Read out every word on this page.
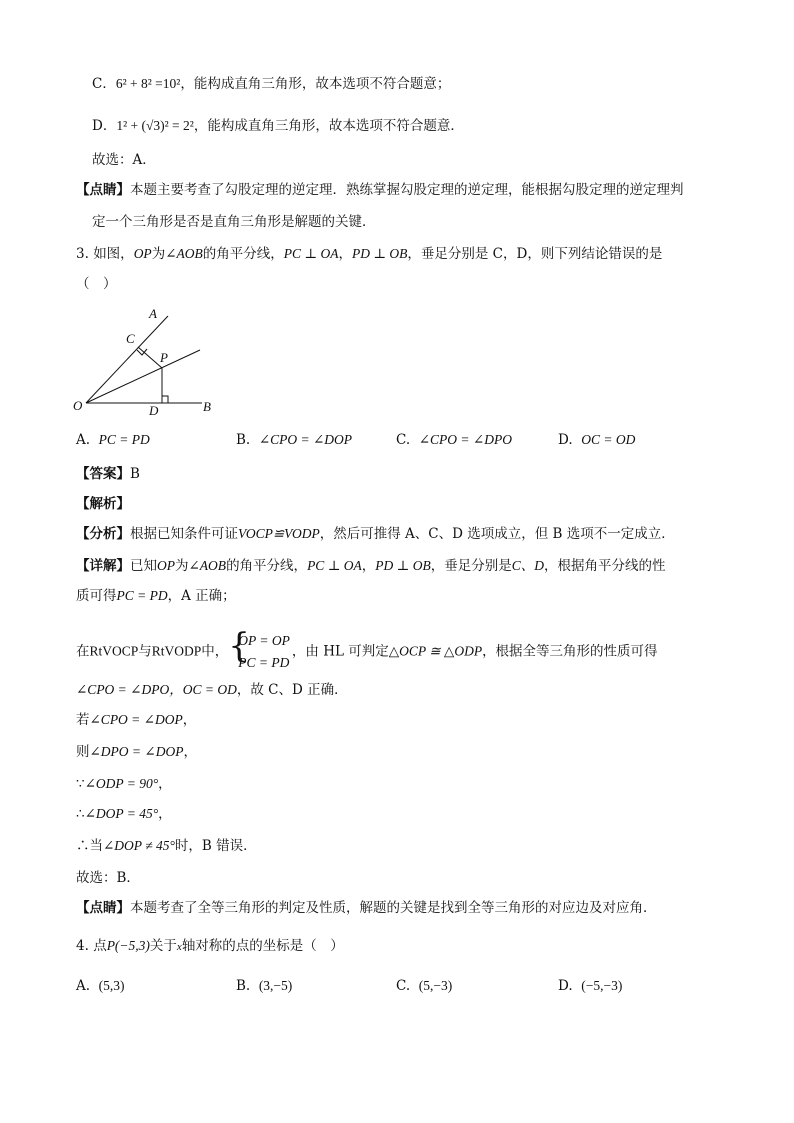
C．6² + 8² =10²，能构成直角三角形，故本选项不符合题意；
D．1² + (√3)² = 2²，能构成直角三角形，故本选项不符合题意．
故选：A．
【点睛】本题主要考查了勾股定理的逆定理．熟练掌握勾股定理的逆定理，能根据勾股定理的逆定理判
定一个三角形是否是直角三角形是解题的关键．
3. 如图，OP为∠AOB的角平分线，PC ⊥ OA，PD ⊥ OB，垂足分别是 C，D，则下列结论错误的是
（　）
A
C
P
O	D	B
A. PC = PD	B. ∠CPO = ∠DOP	C. ∠CPO = ∠DPO	D. OC = OD
【答案】B
【解析】
【分析】根据已知条件可证VOCP≌VODP，然后可推得 A、C、D 选项成立，但 B 选项不一定成立．
【详解】已知OP为∠AOB的角平分线，PC ⊥ OA，PD ⊥ OB，垂足分别是C、D，根据角平分线的性
质可得PC = PD，A 正确；
在RtVOCP与RtVODP中， {
OP = OP
PC = PD
，由 HL 可判定△OCP ≅ △ODP，根据全等三角形的性质可得
∠CPO = ∠DPO，OC = OD，故 C、D 正确．
若∠CPO = ∠DOP，
则∠DPO = ∠DOP，
∵∠ODP = 90°，
∴∠DOP = 45°，
∴当∠DOP ≠ 45°时，B 错误．
故选：B．
【点睛】本题考查了全等三角形的判定及性质，解题的关键是找到全等三角形的对应边及对应角．
4. 点P(−5,3)关于x轴对称的点的坐标是（　）
A. (5,3)	B. (3,−5)	C. (5,−3)	D. (−5,−3)
